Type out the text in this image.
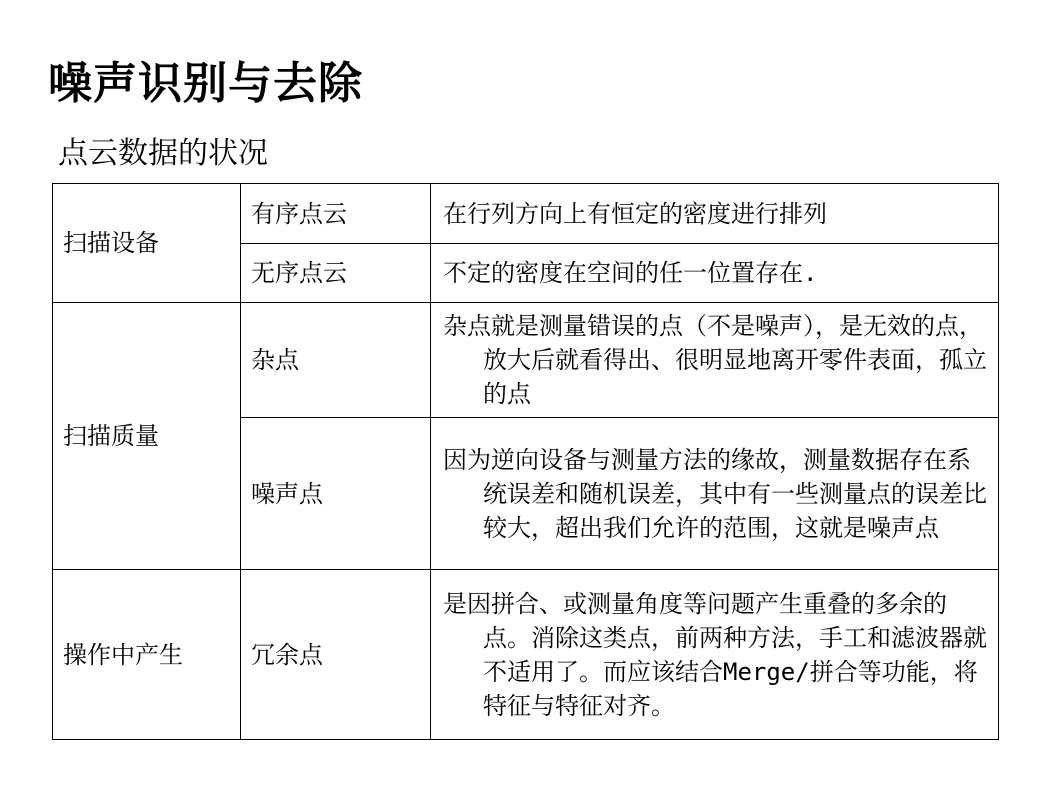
噪声识别与去除
点云数据的状况
扫描设备	有序点云	在行列方向上有恒定的密度进行排列

	无序点云	不定的密度在空间的任一位置存在.

扫描质量	杂点	杂点就是测量错误的点（不是噪声），是无效的点，放大后就看得出、很明显地离开零件表面，孤立的点

	噪声点	因为逆向设备与测量方法的缘故，测量数据存在系统误差和随机误差，其中有一些测量点的误差比较大，超出我们允许的范围，这就是噪声点

操作中产生	冗余点	是因拼合、或测量角度等问题产生重叠的多余的点。消除这类点，前两种方法，手工和滤波器就不适用了。而应该结合Merge/拼合等功能，将特征与特征对齐。
